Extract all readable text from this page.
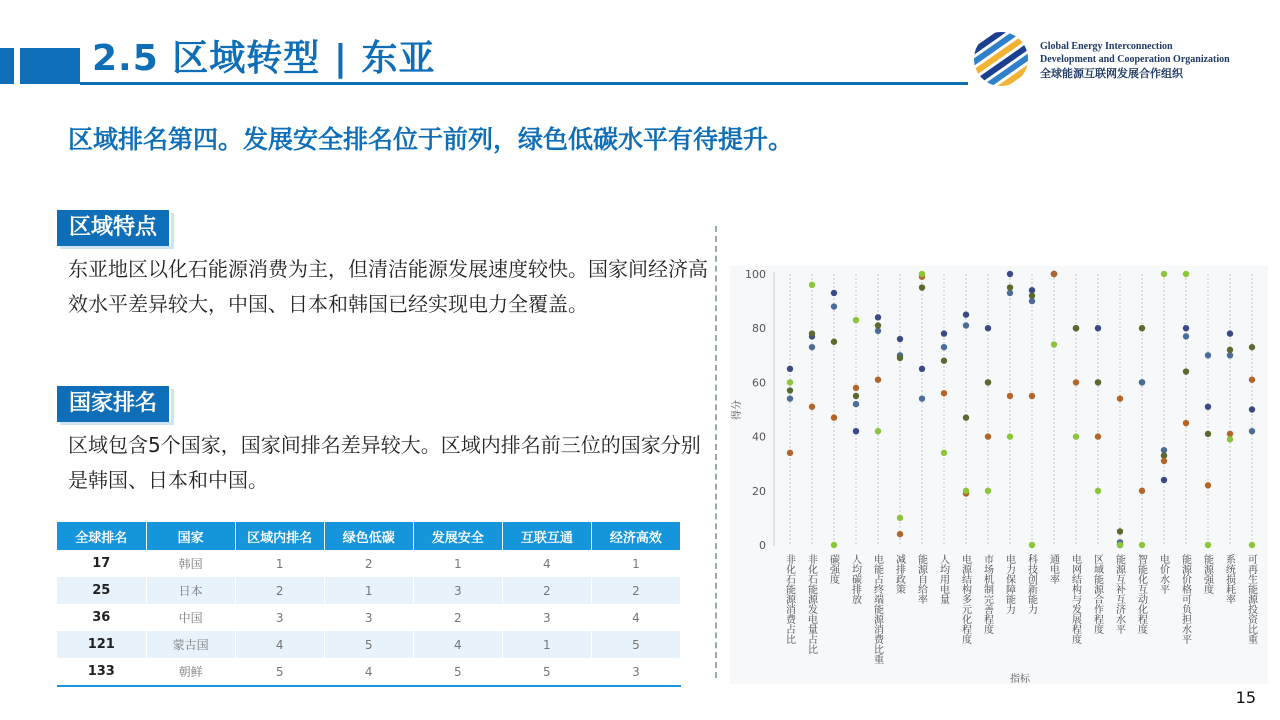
2.5 区域转型 | 东亚	Global Energy Interconnection
Development and Cooperation Organization
全球能源互联网发展合作组织
区域排名第四。发展安全排名位于前列，绿色低碳水平有待提升。
区域特点
东亚地区以化石能源消费为主，但清洁能源发展速度较快。国家间经济高效水平差异较大，中国、日本和韩国已经实现电力全覆盖。
国家排名
区域包含5个国家，国家间排名差异较大。区域内排名前三位的国家分别是韩国、日本和中国。
全球排名	国家	区域内排名	绿色低碳	发展安全	互联互通	经济高效
17	韩国	1	2	1	4	1
25	日本	2	1	3	2	2
36	中国	3	3	2	3	4
121	蒙古国	4	5	4	1	5
133	朝鲜	5	4	5	5	3
得分
指标
0
20
40
60
80
100
非化石能源消费占比 非化石能源发电量占比 碳强度 人均碳排放 电能占终端能源消费比重 减排政策 能源自给率 人均用电量 电源结构多元化程度 市场机制完善程度 电力保障能力 科技创新能力 通电率 电网结构与发展程度 区域能源合作程度 能源互补互济水平 智能化互动化程度 电价水平 能源价格可负担水平 能源强度 系统损耗率 可再生能源投资比重
15
